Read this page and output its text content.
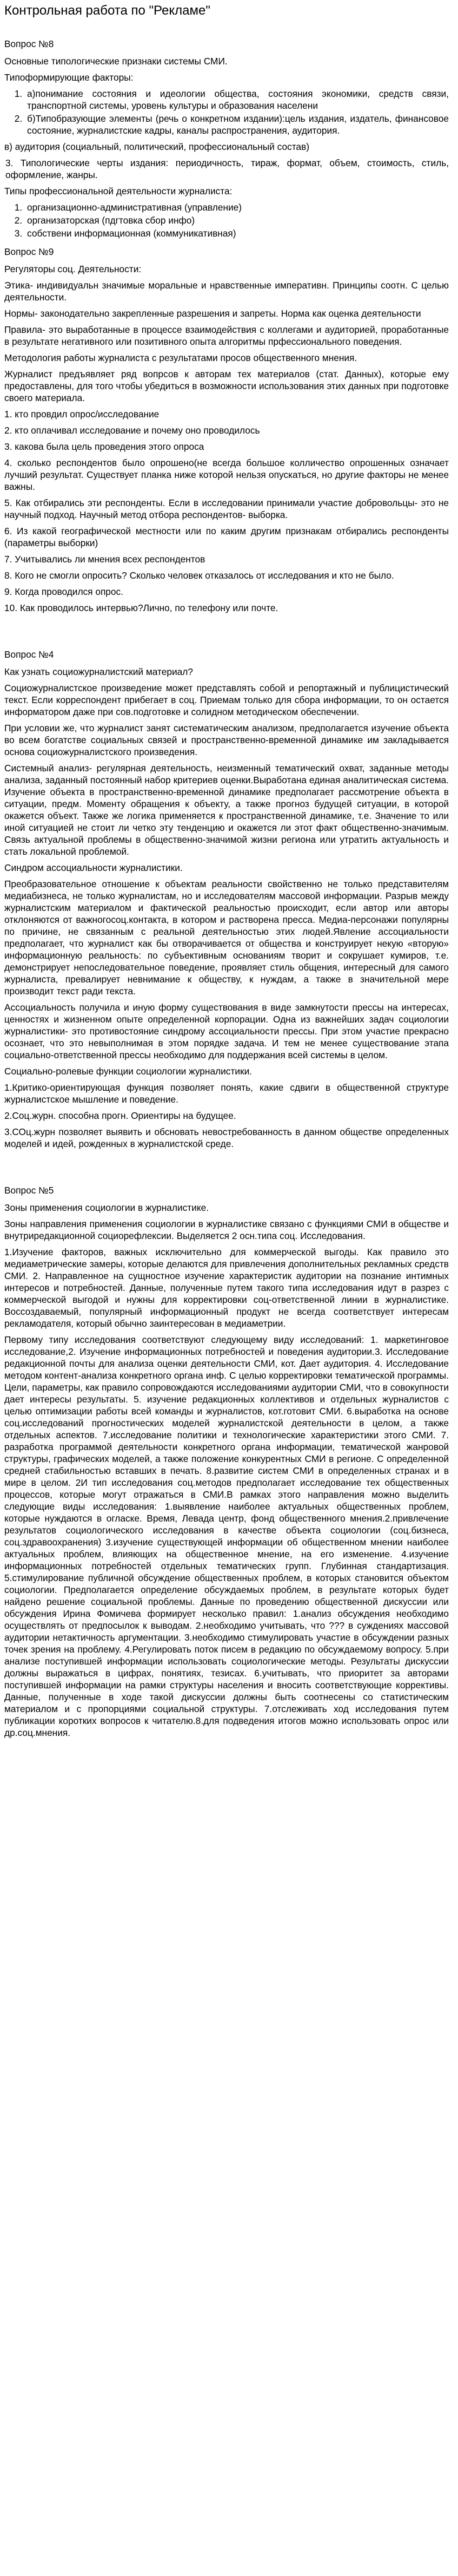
Контрольная работа по "Рекламе"

Вопрос №8

Основные типологические признаки системы СМИ.

Типоформирующие факторы:

1. а)понимание состояния и идеологии общества, состояния экономики, средств связи, транспортной системы, уровень культуры и образования населени
2. б)Типобразующие элементы (речь о конкретном издании):цель издания, издатель, финансовое состояние, журналистские кадры, каналы распространения, аудитория.

в) аудитория (социальный, политический, профессиональный состав)

3. Типологические черты издания: периодичность, тираж, формат, объем, стоимость, стиль, оформление, жанры.

Типы профессиональной деятельности журналиста:

1. организационно-административная (управление)
2. организаторская (пдгтовка сбор инфо)
3. собствени информационная (коммуникативная)

Вопрос №9

Регуляторы соц. Деятельности:

Этика- индивидуальн значимые моральные и нравственные императивн. Принципы соотн. С целью деятельности.

Нормы- законодательно закрепленные разрешения и запреты. Норма как оценка деятельности

Правила- это выработанные в процессе взаимодействия с коллегами и аудиторией, проработанные в результате негативного или позитивного опыта алгоритмы прфессионального поведения.

Методология работы журналиста с результатами просов общественного мнения.

Журналист предъявляет ряд вопрсов к авторам тех материалов (стат. Данных), которые ему предоставлены, для того чтобы убедиться в возможности использования этих данных при подготовке своего материала.

1. кто провдил опрос/исследование

2. кто оплачивал исследование и почему оно проводилось

3. какова была цель проведения этого опроса

4. сколько респондентов было опрошено(не всегда большое колличество опрошенных означает лучший результат. Существует планка ниже которой нельзя опускаться, но другие факторы не менее важны.

5. Как отбирались эти респонденты. Если в исследовании принимали участие добровольцы- это не научный подход. Научный метод отбора респондентов- выборка.

6. Из какой географической местности или по каким другим признакам отбирались респонденты (параметры выборки)

7. Учитывались ли мнения всех респондентов

8. Кого не смогли опросить? Сколько человек отказалось от исследования и кто не было.

9. Когда проводился опрос.

10. Как проводилось интервью?Лично, по телефону или почте.

Вопрос №4

Как узнать социожурналистский материал?

Социожурналистское произведение может представлять собой и репортажный и публицистический текст. Если корреспондент прибегает в соц. Приемам только для сбора информации, то он остается информатором даже при сов.подготовке и солидном методическом обеспечении.

При условии же, что журналист занят систематическим анализом, предполагается изучение объекта во всем богатстве социальных связей и пространственно-временной динамике им закладывается основа социожурналистского произведения.

Системный анализ- регулярная деятельность, неизменный тематический охват, заданные методы анализа, заданный постоянный набор критериев оценки.Выработана единая аналитическая система. Изучение объекта в пространственно-временной динамике предполагает рассмотрение объекта в ситуации, предм. Моменту обращения к объекту, а также прогноз будущей ситуации, в которой окажется объект. Также же логика применяется к пространственной динамике, т.е. Значение то или иной ситуацией не стоит ли четко эту тенденцию и окажется ли этот факт общественно-значимым. Связь актуальной проблемы в общественно-значимой жизни региона или утратить актуальность и стать локальной проблемой.

Синдром ассоциальности журналистики.

Преобразовательное отношение к объектам реальности свойственно не только представителям медиабизнеса, не только журналистам, но и исследователям массовой информации. Разрыв между журналистским материалом и фактической реальностью происходит, если автор или авторы отклоняются от важногосоц.контакта, в котором и растворена пресса. Медиа-персонажи популярны по причине, не связанным с реальной деятельностью этих людей.Явление ассоциальности предполагает, что журналист как бы отворачивается от общества и конструирует некую «вторую» информационную реальность: по субъективным основаниям творит и сокрушает кумиров, т.е. демонстрирует непоследовательное поведение, проявляет стиль общения, интересный для самого журналиста, превалирует невнимание к обществу, к нуждам, а также в значительной мере производит текст ради текста.

Ассоциальность получила и иную форму существования в виде замкнутости прессы на интересах, ценностях и жизненном опыте определенной корпорации. Одна из важнейших задач социологии журналистики- это противостояние синдрому ассоциальности прессы. При этом участие прекрасно осознает, что это невыполнимая в этом порядке задача. И тем не менее существование этапа социально-ответственной прессы необходимо для поддержания всей системы в целом.

Социально-ролевые функции социологии журналистики.

1.Критико-ориентирующая функция позволяет понять, какие сдвиги в общественной структуре журналистское мышление и поведение.

2.Соц.журн. способна прогн. Ориентиры на будущее.

3.СОц.журн позволяет выявить и обсновать невостребованность в данном обществе определенных моделей и идей, рожденных в журналистской среде.

Вопрос №5

Зоны применения социологии в журналистике.

Зоны направления применения социологии в журналистике связано с функциями СМИ в обществе и внутриредакционной социорефлексии. Выделяется 2 осн.типа соц. Исследования.

1.Изучение факторов, важных исключительно для коммерческой выгоды. Как правило это медиаметрические замеры, которые делаются для привлечения дополнительных рекламных средств СМИ. 2. Направленное на сущностное изучение характеристик аудитории на познание интимных интересов и потребностей. Данные, полученные путем такого типа исследования идут в разрез с коммерческой выгодой и нужны для корректировки соц-ответственной линии в журналистике. Воссоздаваемый, популярный информационный продукт не всегда соответствует интересам рекламодателя, который обычно заинтересован в медиаметрии.

Первому типу исследования соответствуют следующему виду исследований: 1. маркетинговое исследование,2. Изучение информационных потребностей и поведения аудитории.3. Исследование редакционной почты для анализа оценки деятельности СМИ, кот. Дает аудитория. 4. Исследование методом контент-анализа конкретного органа инф. С целью корректировки тематической программы. Цели, параметры, как правило сопровождаются исследованиями аудитории СМИ, что в совокупности дает интересы результаты. 5. изучение редакционных коллективов и отдельных журналистов с целью оптимизации работы всей команды и журналистов, кот.готовит СМИ. 6.выработка на основе соц.исследований прогностических моделей журналистской деятельности в целом, а также отдельных аспектов. 7.исследование политики и технологические характеристики этого СМИ. 7. разработка программой деятельности конкретного органа информации, тематической жанровой структуры, графических моделей, а также положение конкурентных СМИ в регионе. С определенной средней стабильностью вставших в печать. 8.развитие систем СМИ в определенных странах и в мире в целом. 2И тип исследования соц.методов предполагает исследование тех общественных процессов, которые могут отражаться в СМИ.В рамках этого направления можно выделить следующие виды исследования: 1.выявление наиболее актуальных общественных проблем, которые нуждаются в огласке. Время, Левада центр, фонд общественного мнения.2.привлечение результатов социологического исследования в качестве объекта социологии (соц.бизнеса, соц.здравоохранения) 3.изучение существующей информации об общественном мнении наиболее актуальных проблем, влияющих на общественное мнение, на его изменение. 4.изучение информационных потребностей отдельных тематических групп. Глубинная стандартизация. 5.стимулирование публичной обсуждение общественных проблем, в которых становится объектом социологии. Предполагается определение обсуждаемых проблем, в результате которых будет найдено решение социальной проблемы. Данные по проведению общественной дискуссии или обсуждения Ирина Фомичева формирует несколько правил: 1.анализ обсуждения необходимо осуществлять от предпосылок к выводам. 2.необходимо учитывать, что ??? в суждениях массовой аудитории нетактичность аргументации. 3.необходимо стимулировать участие в обсуждении разных точек зрения на проблему. 4.Регулировать поток писем в редакцию по обсуждаемому вопросу. 5.при анализе поступившей информации использовать социологические методы. Результаты дискуссии должны выражаться в цифрах, понятиях, тезисах. 6.учитывать, что приоритет за авторами поступившей информации на рамки структуры населения и вносить соответствующие коррективы. Данные, полученные в ходе такой дискуссии должны быть соотнесены со статистическим материалом и с пропорциями социальной структуры. 7.отслеживать ход исследования путем публикации коротких вопросов к читателю.8.для подведения итогов можно использовать опрос или др.соц.мнения.
